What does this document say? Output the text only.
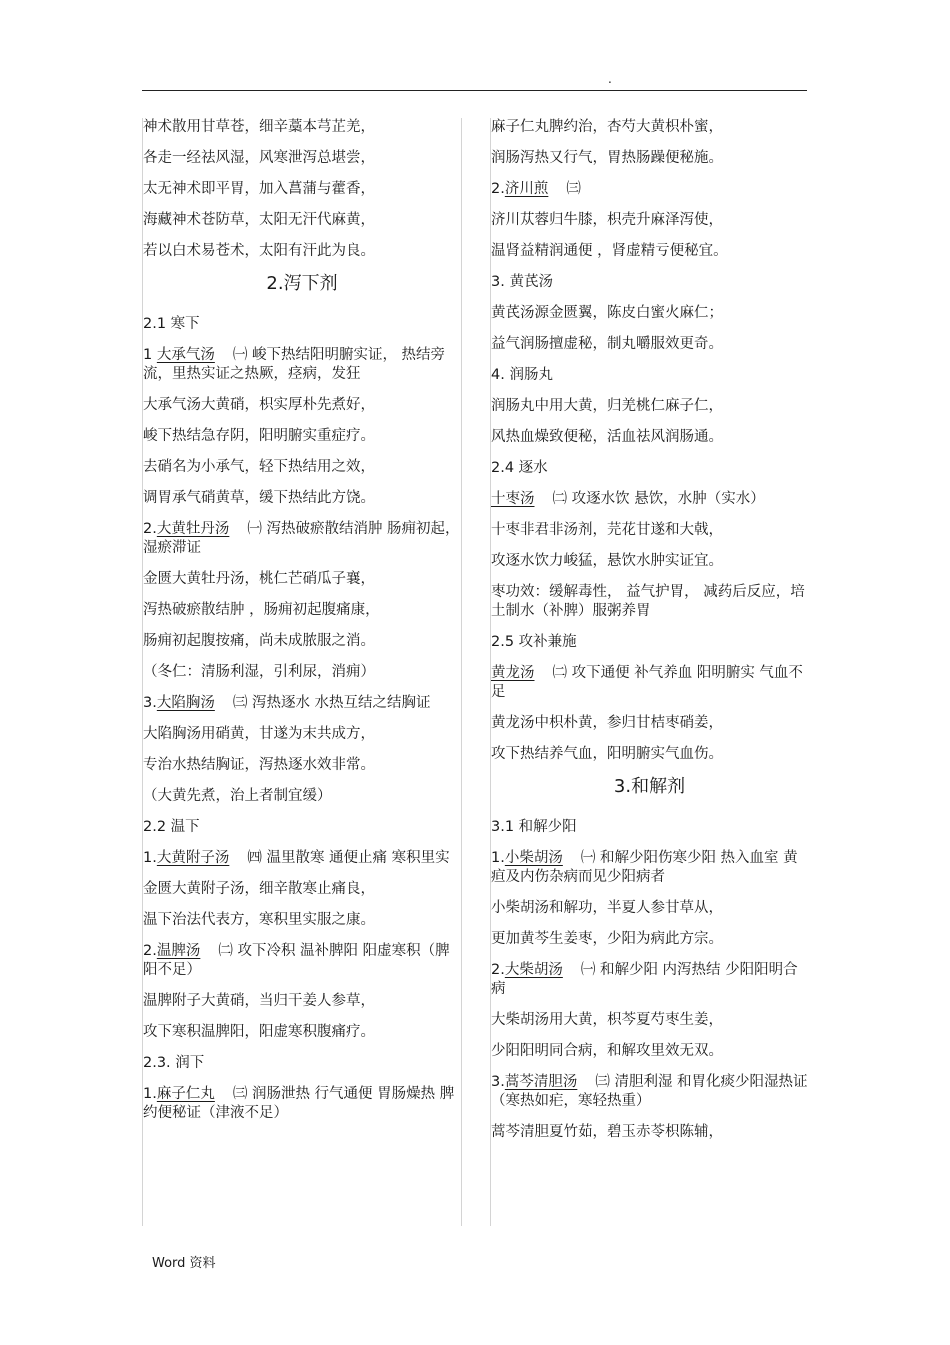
.

神术散用甘草苍，细辛藁本芎芷羌，

各走一经祛风湿，风寒泄泻总堪尝，

太无神术即平胃，加入菖蒲与藿香，

海藏神术苍防草，太阳无汗代麻黄，

若以白术易苍术，太阳有汗此为良。

2.泻下剂

2.1 寒下

1 大承气汤 ㈠ 峻下热结阳明腑实证， 热结旁流，里热实证之热厥，痉病，发狂

大承气汤大黄硝，枳实厚朴先煮好，

峻下热结急存阴，阳明腑实重症疗。

去硝名为小承气，轻下热结用之效，

调胃承气硝黄草，缓下热结此方饶。

2.大黄牡丹汤 ㈠ 泻热破瘀散结消肿 肠痈初起，湿瘀滞证

金匮大黄牡丹汤，桃仁芒硝瓜子襄，

泻热破瘀散结肿 ，肠痈初起腹痛康，

肠痈初起腹按痛，尚未成脓服之消。

（冬仁：清肠利湿，引利尿，消痈）

3.大陷胸汤 ㈢ 泻热逐水 水热互结之结胸证

大陷胸汤用硝黄，甘遂为末共成方，

专治水热结胸证，泻热逐水效非常。

（大黄先煮，治上者制宜缓）

2.2 温下

1.大黄附子汤 ㈣ 温里散寒 通便止痛 寒积里实

金匮大黄附子汤，细辛散寒止痛良，

温下治法代表方，寒积里实服之康。

2.温脾汤 ㈡ 攻下冷积 温补脾阳 阳虚寒积（脾阳不足）

温脾附子大黄硝，当归干姜人参草，

攻下寒积温脾阳，阳虚寒积腹痛疗。

2.3. 润下

1.麻子仁丸 ㈢ 润肠泄热 行气通便 胃肠燥热 脾约便秘证（津液不足）

麻子仁丸脾约治，杏芍大黄枳朴蜜，

润肠泻热又行气，胃热肠躁便秘施。

2.济川煎 ㈢

济川苁蓉归牛膝，枳壳升麻泽泻使，

温肾益精润通便 ，肾虚精亏便秘宜。

3. 黄芪汤

黄芪汤源金匮翼，陈皮白蜜火麻仁；

益气润肠擅虚秘，制丸嚼服效更奇。

4. 润肠丸

润肠丸中用大黄，归羌桃仁麻子仁，

风热血燥致便秘，活血祛风润肠通。

2.4 逐水

十枣汤 ㈡ 攻逐水饮 悬饮，水肿（实水）

十枣非君非汤剂，芫花甘遂和大戟，

攻逐水饮力峻猛，悬饮水肿实证宜。

枣功效：缓解毒性， 益气护胃， 减药后反应，培土制水（补脾）服粥养胃

2.5 攻补兼施

黄龙汤 ㈡ 攻下通便 补气养血 阳明腑实 气血不足

黄龙汤中枳朴黄，参归甘桔枣硝姜，

攻下热结养气血，阳明腑实气血伤。

3.和解剂

3.1 和解少阳

1.小柴胡汤 ㈠ 和解少阳伤寒少阳 热入血室 黄疸及内伤杂病而见少阳病者

小柴胡汤和解功，半夏人参甘草从，

更加黄芩生姜枣，少阳为病此方宗。

2.大柴胡汤 ㈠ 和解少阳 内泻热结 少阳阳明合病

大柴胡汤用大黄，枳芩夏芍枣生姜，

少阳阳明同合病，和解攻里效无双。

3.蒿芩清胆汤 ㈢ 清胆利湿 和胃化痰少阳湿热证（寒热如疟，寒轻热重）

蒿芩清胆夏竹茹，碧玉赤苓枳陈辅，

Word 资料
